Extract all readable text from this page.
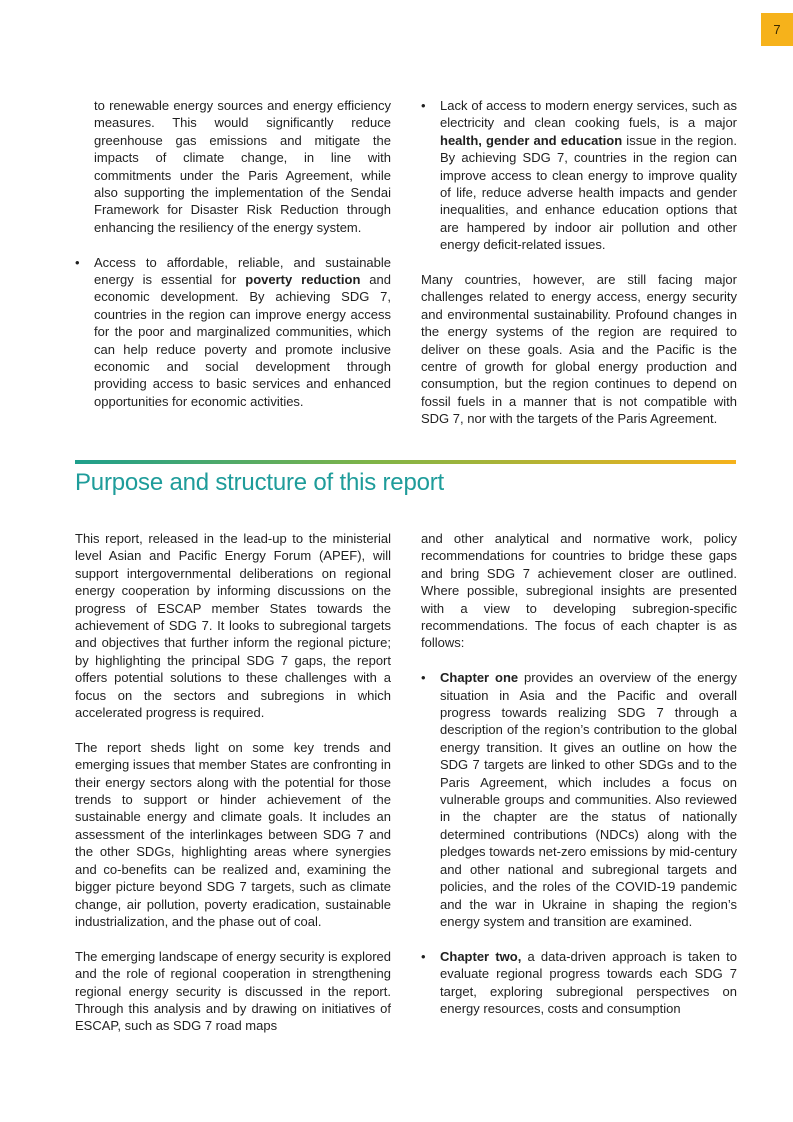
7
to renewable energy sources and energy efficiency measures. This would significantly reduce greenhouse gas emissions and mitigate the impacts of climate change, in line with commitments under the Paris Agreement, while also supporting the implementation of the Sendai Framework for Disaster Risk Reduction through enhancing the resiliency of the energy system.
• Access to affordable, reliable, and sustainable energy is essential for poverty reduction and economic development. By achieving SDG 7, countries in the region can improve energy access for the poor and marginalized communities, which can help reduce poverty and promote inclusive economic and social development through providing access to basic services and enhanced opportunities for economic activities.
• Lack of access to modern energy services, such as electricity and clean cooking fuels, is a major health, gender and education issue in the region. By achieving SDG 7, countries in the region can improve access to clean energy to improve quality of life, reduce adverse health impacts and gender inequalities, and enhance education options that are hampered by indoor air pollution and other energy deficit-related issues.

Many countries, however, are still facing major challenges related to energy access, energy security and environmental sustainability. Profound changes in the energy systems of the region are required to deliver on these goals. Asia and the Pacific is the centre of growth for global energy production and consumption, but the region continues to depend on fossil fuels in a manner that is not compatible with SDG 7, nor with the targets of the Paris Agreement.

Purpose and structure of this report

This report, released in the lead-up to the ministerial level Asian and Pacific Energy Forum (APEF), will support intergovernmental deliberations on regional energy cooperation by informing discussions on the progress of ESCAP member States towards the achievement of SDG 7. It looks to subregional targets and objectives that further inform the regional picture; by highlighting the principal SDG 7 gaps, the report offers potential solutions to these challenges with a focus on the sectors and subregions in which accelerated progress is required.

The report sheds light on some key trends and emerging issues that member States are confronting in their energy sectors along with the potential for those trends to support or hinder achievement of the sustainable energy and climate goals. It includes an assessment of the interlinkages between SDG 7 and the other SDGs, highlighting areas where synergies and co-benefits can be realized and, examining the bigger picture beyond SDG 7 targets, such as climate change, air pollution, poverty eradication, sustainable industrialization, and the phase out of coal.

The emerging landscape of energy security is explored and the role of regional cooperation in strengthening regional energy security is discussed in the report. Through this analysis and by drawing on initiatives of ESCAP, such as SDG 7 road maps

and other analytical and normative work, policy recommendations for countries to bridge these gaps and bring SDG 7 achievement closer are outlined. Where possible, subregional insights are presented with a view to developing subregion-specific recommendations. The focus of each chapter is as follows:

• Chapter one provides an overview of the energy situation in Asia and the Pacific and overall progress towards realizing SDG 7 through a description of the region’s contribution to the global energy transition. It gives an outline on how the SDG 7 targets are linked to other SDGs and to the Paris Agreement, which includes a focus on vulnerable groups and communities. Also reviewed in the chapter are the status of nationally determined contributions (NDCs) along with the pledges towards net-zero emissions by mid-century and other national and subregional targets and policies, and the roles of the COVID-19 pandemic and the war in Ukraine in shaping the region’s energy system and transition are examined.
• Chapter two, a data-driven approach is taken to evaluate regional progress towards each SDG 7 target, exploring subregional perspectives on energy resources, costs and consumption
